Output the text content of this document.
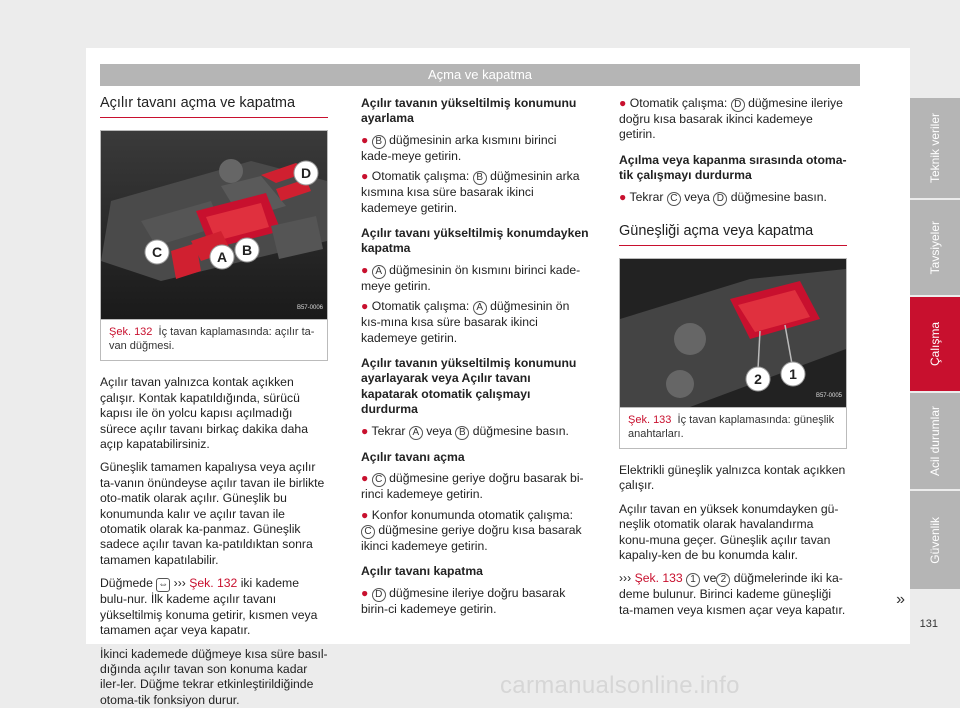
Açma ve kapatma
Açılır tavanı açma ve kapatma
D
C	A B
B57-0006
Şek. 132 İç tavan kaplamasında: açılır ta-van düğmesi.

Açılır tavan yalnızca kontak açıkken çalışır. Kontak kapatıldığında, sürücü kapısı ile ön yolcu kapısı açılmadığı sürece açılır tavanı birkaç dakika daha açıp kapatabilirsiniz.

Güneşlik tamamen kapalıysa veya açılır ta-vanın önündeyse açılır tavan ile birlikte oto-matik olarak açılır. Güneşlik bu konumunda kalır ve açılır tavan ile otomatik olarak ka-panmaz. Güneşlik sadece açılır tavan ka-patıldıktan sonra tamamen kapatılabilir.

Düğmede ⇔ ››› Şek. 132 iki kademe bulu-nur. İlk kademe açılır tavanı yükseltilmiş konuma getirir, kısmen veya tamamen açar veya kapatır.

İkinci kademede düğmeye kısa süre basıl-dığında açılır tavan son konuma kadar iler-ler. Düğme tekrar etkinleştirildiğinde otoma-tik fonksiyon durur.

Açılır tavanın yükseltilmiş konumunu ayarlama
● B düğmesinin arka kısmını birinci kade-meye getirin.
● Otomatik çalışma: B düğmesinin arka kısmına kısa süre basarak ikinci kademeye getirin.
Açılır tavanı yükseltilmiş konumdayken kapatma
● A düğmesinin ön kısmını birinci kade-meye getirin.
● Otomatik çalışma: A düğmesinin ön kıs-mına kısa süre basarak ikinci kademeye getirin.
Açılır tavanın yükseltilmiş konumunu ayarlayarak veya Açılır tavanı kapatarak otomatik çalışmayı durdurma
● Tekrar A veya B düğmesine basın.
Açılır tavanı açma
● C düğmesine geriye doğru basarak bi-rinci kademeye getirin.
● Konfor konumunda otomatik çalışma: C düğmesine geriye doğru kısa basarak ikinci kademeye getirin.
Açılır tavanı kapatma
● D düğmesine ileriye doğru basarak birin-ci kademeye getirin.
● Otomatik çalışma: D düğmesine ileriye doğru kısa basarak ikinci kademeye getirin.
Açılma veya kapanma sırasında otoma-tik çalışmayı durdurma
● Tekrar C veya D düğmesine basın.
Güneşliği açma veya kapatma
2 1
B57-0005
Şek. 133 İç tavan kaplamasında: güneşlik anahtarları.

Elektrikli güneşlik yalnızca kontak açıkken çalışır.

Açılır tavan en yüksek konumdayken gü-neşlik otomatik olarak havalandırma konu-muna geçer. Güneşlik açılır tavan kapalıy-ken de bu konumda kalır.

››› Şek. 133 1 ve 2 düğmelerinde iki ka-deme bulunur. Birinci kademe güneşliği ta-mamen veya kısmen açar veya kapatır.

Teknik veriler
Tavsiyeler
Çalışma
Acil durumlar
Güvenlik
»
131
carmanualsonline.info
